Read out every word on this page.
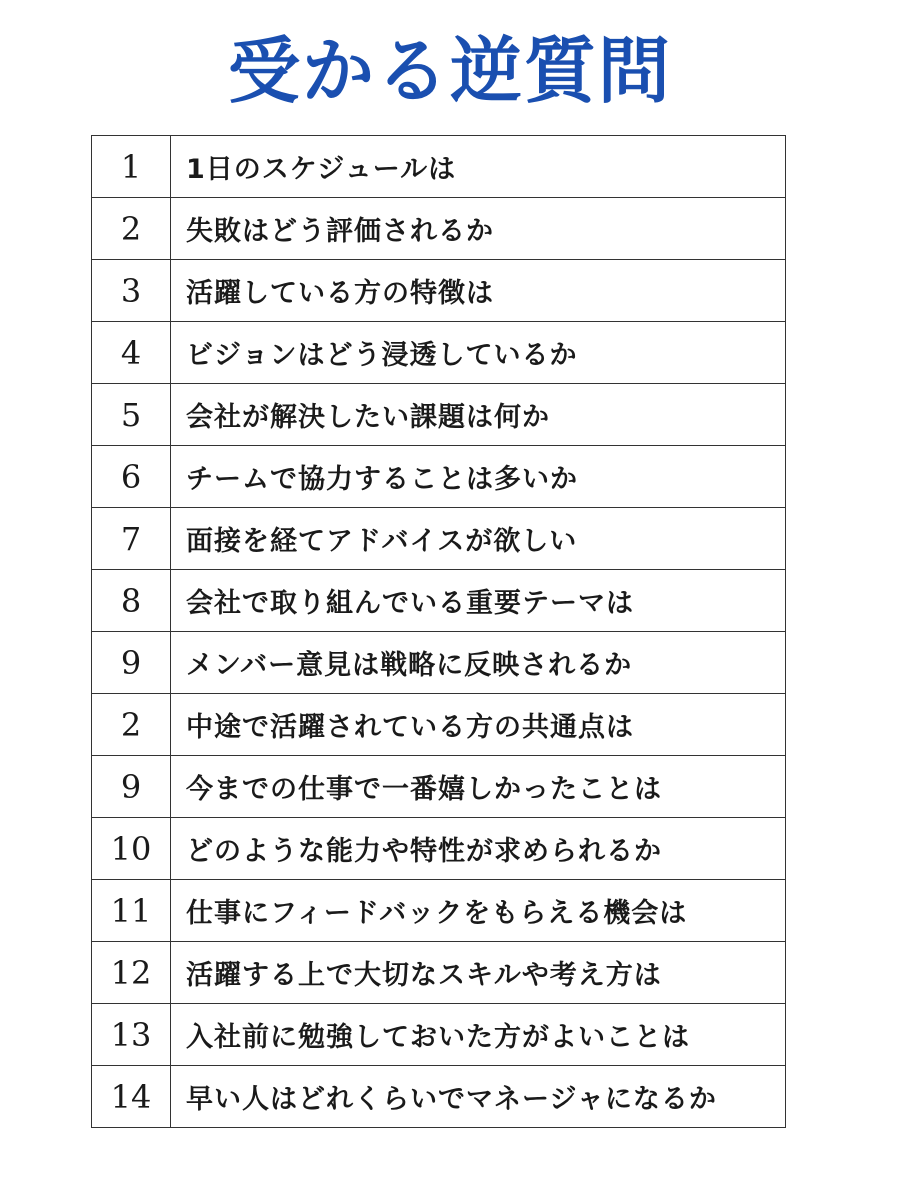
受かる逆質問
1	1日のスケジュールは
2	失敗はどう評価されるか
3	活躍している方の特徴は
4	ビジョンはどう浸透しているか
5	会社が解決したい課題は何か
6	チームで協力することは多いか
7	面接を経てアドバイスが欲しい
8	会社で取り組んでいる重要テーマは
9	メンバー意見は戦略に反映されるか
2	中途で活躍されている方の共通点は
9	今までの仕事で一番嬉しかったことは
10	どのような能力や特性が求められるか
11	仕事にフィードバックをもらえる機会は
12	活躍する上で大切なスキルや考え方は
13	入社前に勉強しておいた方がよいことは
14	早い人はどれくらいでマネージャになるか
